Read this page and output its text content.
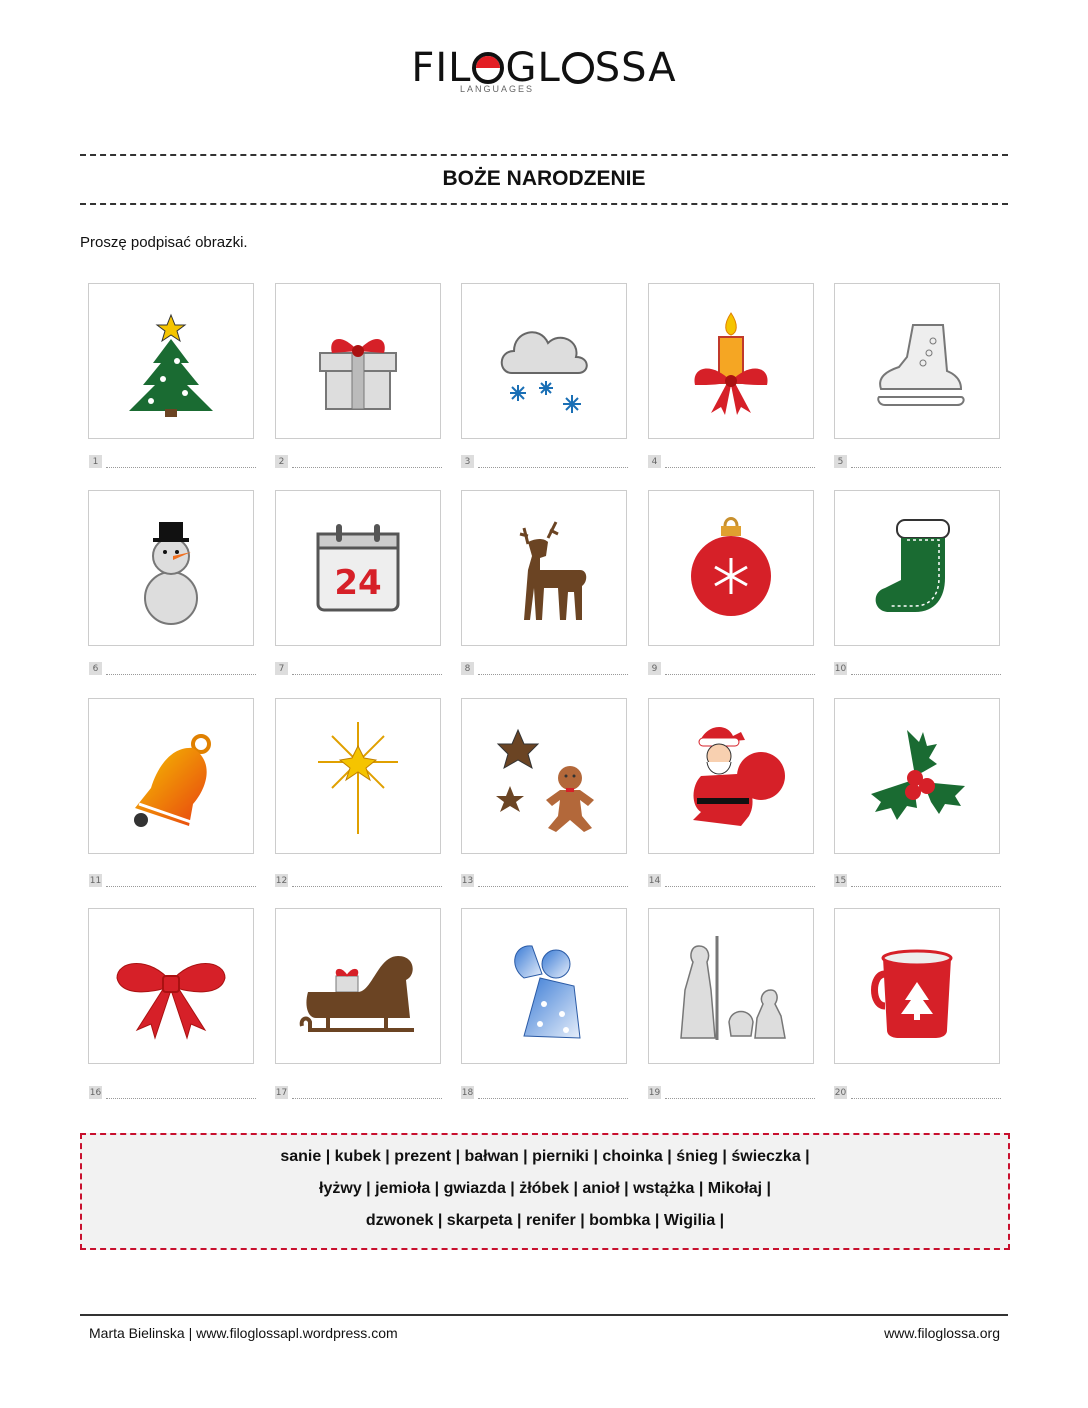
FIL GL SSA
LANGUAGES
BOŻE NARODZENIE
Proszę podpisać obrazki.
1	2	3	4	5
24
6	7	8	9	10
11	12	13	14	15
16	17	18	19	20
sanie | kubek | prezent | bałwan | pierniki | choinka | śnieg | świeczka |
łyżwy | jemioła | gwiazda | żłóbek | anioł | wstążka | Mikołaj |
dzwonek | skarpeta | renifer | bombka | Wigilia |
Marta Bielinska | www.filoglossapl.wordpress.com	www.filoglossa.org
